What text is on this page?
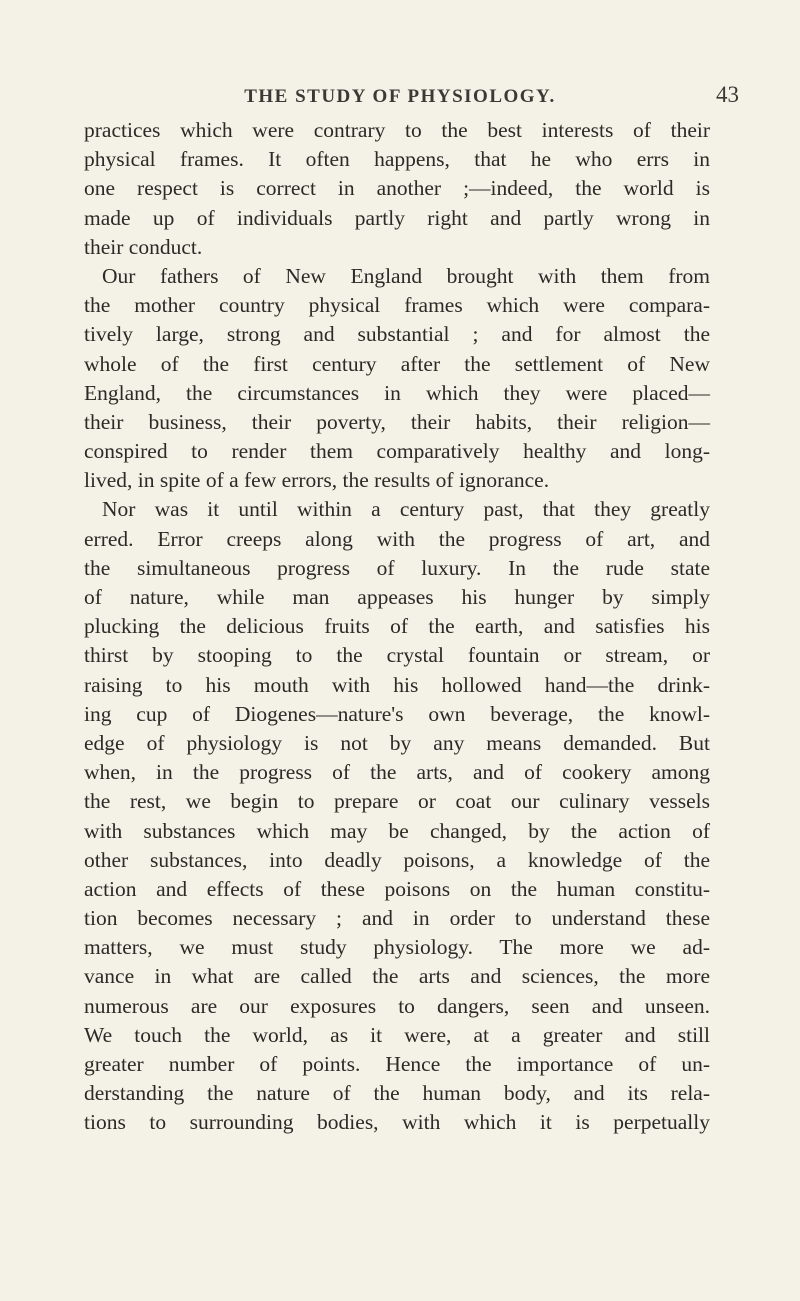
THE STUDY OF PHYSIOLOGY.	43
practices which were contrary to the best interests of their
physical frames. It often happens, that he who errs in
one respect is correct in another ;—indeed, the world is
made up of individuals partly right and partly wrong in
their conduct.
Our fathers of New England brought with them from
the mother country physical frames which were compara-
tively large, strong and substantial ; and for almost the
whole of the first century after the settlement of New
England, the circumstances in which they were placed—
their business, their poverty, their habits, their religion—
conspired to render them comparatively healthy and long-
lived, in spite of a few errors, the results of ignorance.
Nor was it until within a century past, that they greatly
erred. Error creeps along with the progress of art, and
the simultaneous progress of luxury. In the rude state
of nature, while man appeases his hunger by simply
plucking the delicious fruits of the earth, and satisfies his
thirst by stooping to the crystal fountain or stream, or
raising to his mouth with his hollowed hand—the drink-
ing cup of Diogenes—nature's own beverage, the knowl-
edge of physiology is not by any means demanded. But
when, in the progress of the arts, and of cookery among
the rest, we begin to prepare or coat our culinary vessels
with substances which may be changed, by the action of
other substances, into deadly poisons, a knowledge of the
action and effects of these poisons on the human constitu-
tion becomes necessary ; and in order to understand these
matters, we must study physiology. The more we ad-
vance in what are called the arts and sciences, the more
numerous are our exposures to dangers, seen and unseen.
We touch the world, as it were, at a greater and still
greater number of points. Hence the importance of un-
derstanding the nature of the human body, and its rela-
tions to surrounding bodies, with which it is perpetually
